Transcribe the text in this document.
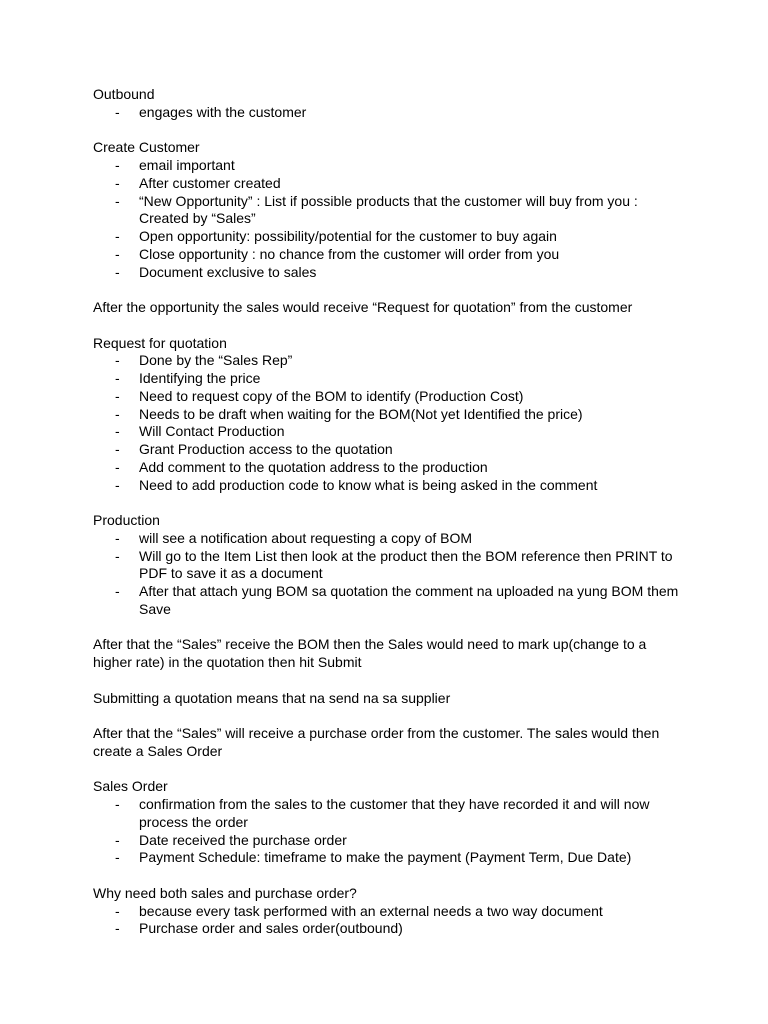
Outbound

- engages with the customer

Create Customer

- email important
- After customer created
- “New Opportunity” : List if possible products that the customer will buy from you : Created by “Sales”
- Open opportunity: possibility/potential for the customer to buy again
- Close opportunity : no chance from the customer will order from you
- Document exclusive to sales

After the opportunity the sales would receive “Request for quotation” from the customer

Request for quotation

- Done by the “Sales Rep”
- Identifying the price
- Need to request copy of the BOM to identify (Production Cost)
- Needs to be draft when waiting for the BOM(Not yet Identified the price)
- Will Contact Production
- Grant Production access to the quotation
- Add comment to the quotation address to the production
- Need to add production code to know what is being asked in the comment

Production

- will see a notification about requesting a copy of BOM
- Will go to the Item List then look at the product then the BOM reference then PRINT to PDF to save it as a document
- After that attach yung BOM sa quotation the comment na uploaded na yung BOM them Save

After that the “Sales” receive the BOM then the Sales would need to mark up(change to a higher rate) in the quotation then hit Submit

Submitting a quotation means that na send na sa supplier

After that the “Sales” will receive a purchase order from the customer. The sales would then create a Sales Order

Sales Order

- confirmation from the sales to the customer that they have recorded it and will now process the order
- Date received the purchase order
- Payment Schedule: timeframe to make the payment (Payment Term, Due Date)

Why need both sales and purchase order?

- because every task performed with an external needs a two way document
- Purchase order and sales order(outbound)
